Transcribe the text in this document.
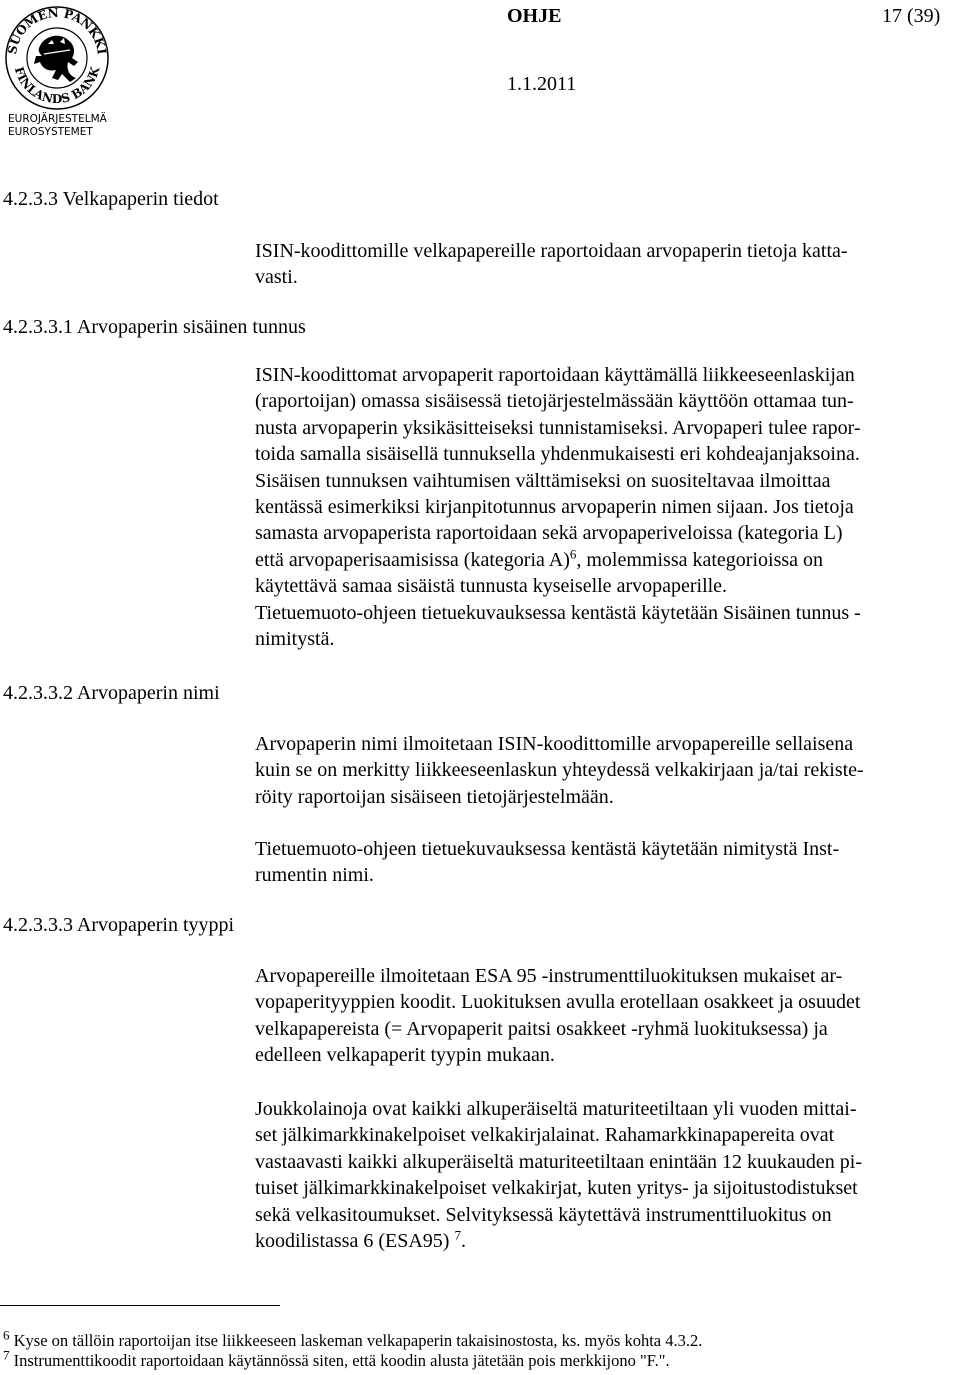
SUOMEN PANKKI
FINLANDS BANK
EUROJÄRJESTELMÄ
EUROSYSTEMET
OHJE	17 (39)
1.1.2011
4.2.3.3 Velkapaperin tiedot
4.2.3.3.1 Arvopaperin sisäinen tunnus
4.2.3.3.2 Arvopaperin nimi
4.2.3.3.3 Arvopaperin tyyppi

ISIN-koodittomille velkapapereille raportoidaan arvopaperin tietoja katta-

vasti.

ISIN-koodittomat arvopaperit raportoidaan käyttämällä liikkeeseenlaskijan

(raportoijan) omassa sisäisessä tietojärjestelmässään käyttöön ottamaa tun-

nusta arvopaperin yksikäsitteiseksi tunnistamiseksi. Arvopaperi tulee rapor-

toida samalla sisäisellä tunnuksella yhdenmukaisesti eri kohdeajanjaksoina.

Sisäisen tunnuksen vaihtumisen välttämiseksi on suositeltavaa ilmoittaa

kentässä esimerkiksi kirjanpitotunnus arvopaperin nimen sijaan. Jos tietoja

samasta arvopaperista raportoidaan sekä arvopaperiveloissa (kategoria L)

että arvopaperisaamisissa (kategoria A)$^6$, molemmissa kategorioissa on

käytettävä samaa sisäistä tunnusta kyseiselle arvopaperille.

Tietuemuoto-ohjeen tietuekuvauksessa kentästä käytetään Sisäinen tunnus -

nimitystä.

Arvopaperin nimi ilmoitetaan ISIN-koodittomille arvopapereille sellaisena

kuin se on merkitty liikkeeseenlaskun yhteydessä velkakirjaan ja/tai rekiste-

röity raportoijan sisäiseen tietojärjestelmään.

Tietuemuoto-ohjeen tietuekuvauksessa kentästä käytetään nimitystä Inst-

rumentin nimi.

Arvopapereille ilmoitetaan ESA 95 -instrumenttiluokituksen mukaiset ar-

vopaperityyppien koodit. Luokituksen avulla erotellaan osakkeet ja osuudet

velkapapereista (= Arvopaperit paitsi osakkeet -ryhmä luokituksessa) ja

edelleen velkapaperit tyypin mukaan.

Joukkolainoja ovat kaikki alkuperäiseltä maturiteetiltaan yli vuoden mittai-

set jälkimarkkinakelpoiset velkakirjalainat. Rahamarkkinapapereita ovat

vastaavasti kaikki alkuperäiseltä maturiteetiltaan enintään 12 kuukauden pi-

tuiset jälkimarkkinakelpoiset velkakirjat, kuten yritys- ja sijoitustodistukset

sekä velkasitoumukset. Selvityksessä käytettävä instrumenttiluokitus on

koodilistassa 6 (ESA95) $^7$.

$^6$ Kyse on tällöin raportoijan itse liikkeeseen laskeman velkapaperin takaisinostosta, ks. myös kohta 4.3.2.
$^7$ Instrumenttikoodit raportoidaan käytännössä siten, että koodin alusta jätetään pois merkkijono "F.".
